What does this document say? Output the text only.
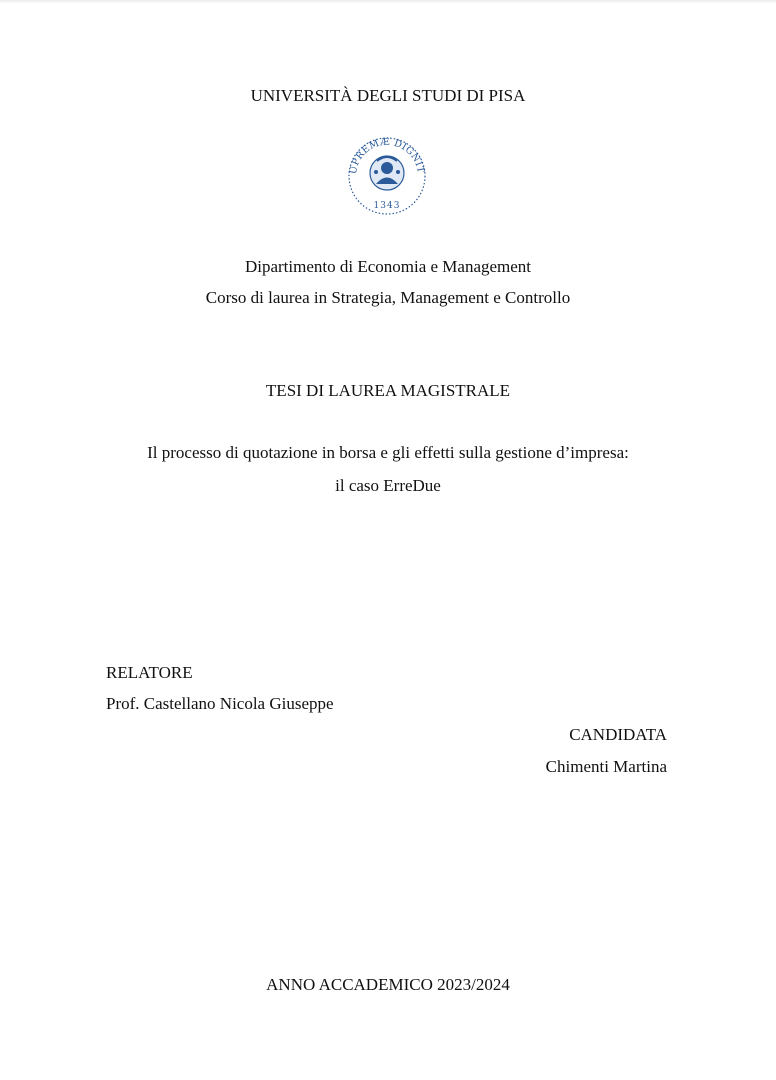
UNIVERSITÀ DEGLI STUDI DI PISA
UPREMÆ DIGNIT
1343
Dipartimento di Economia e Management
Corso di laurea in Strategia, Management e Controllo
TESI DI LAUREA MAGISTRALE
Il processo di quotazione in borsa e gli effetti sulla gestione d’impresa:
il caso ErreDue
RELATORE
Prof. Castellano Nicola Giuseppe
CANDIDATA
Chimenti Martina
ANNO ACCADEMICO 2023/2024
